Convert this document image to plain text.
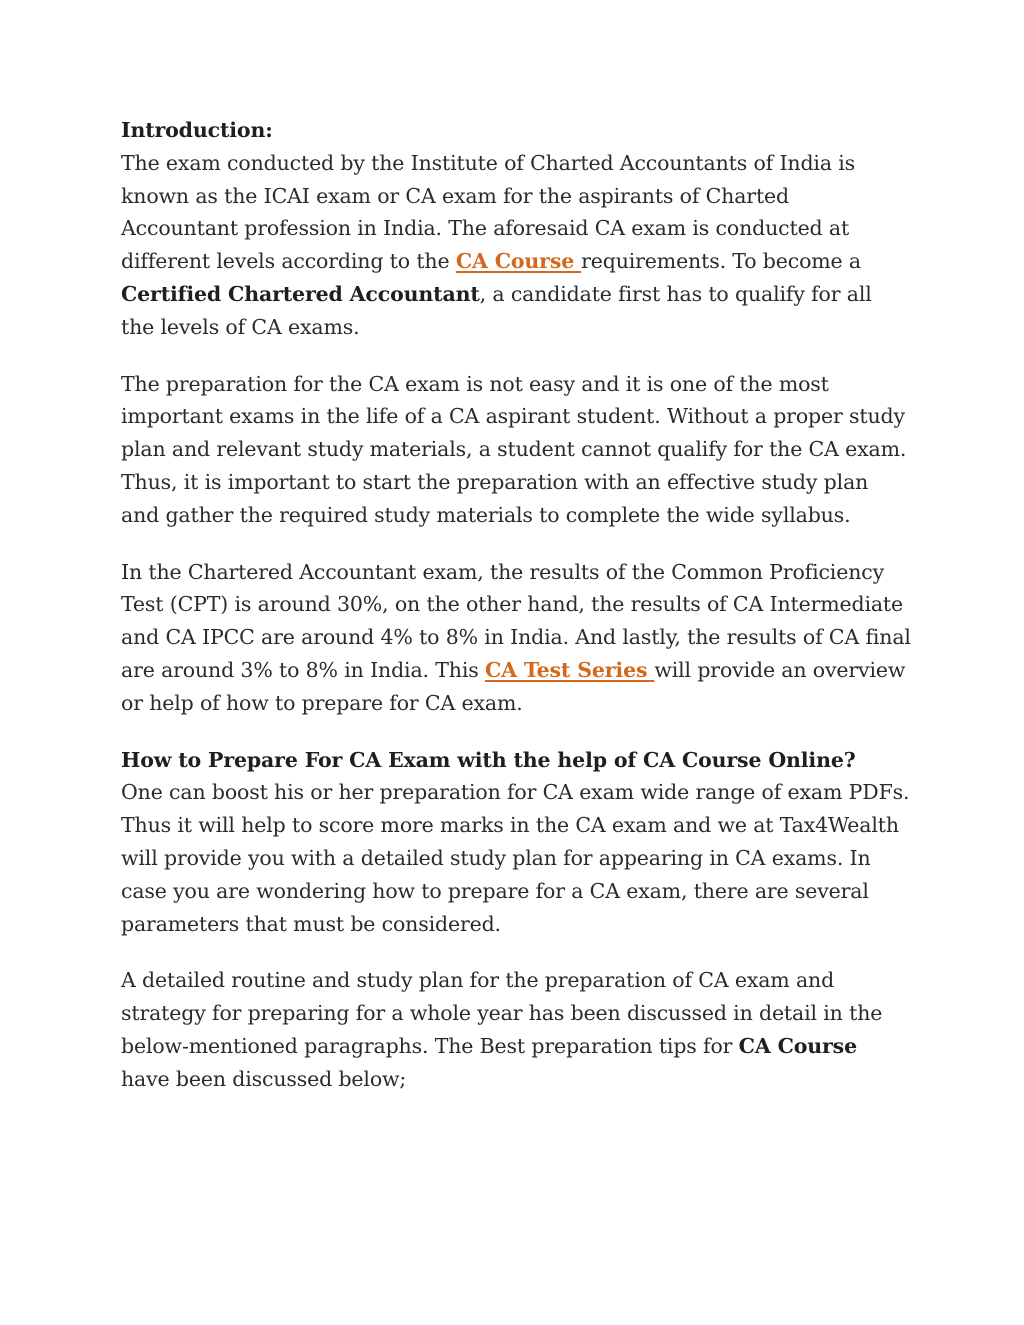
Introduction:

The exam conducted by the Institute of Charted Accountants of India is known as the ICAI exam or CA exam for the aspirants of Charted Accountant profession in India. The aforesaid CA exam is conducted at different levels according to the CA Course requirements. To become a Certified Chartered Accountant, a candidate first has to qualify for all the levels of CA exams.

The preparation for the CA exam is not easy and it is one of the most important exams in the life of a CA aspirant student. Without a proper study plan and relevant study materials, a student cannot qualify for the CA exam. Thus, it is important to start the preparation with an effective study plan and gather the required study materials to complete the wide syllabus.

In the Chartered Accountant exam, the results of the Common Proficiency Test (CPT) is around 30%, on the other hand, the results of CA Intermediate and CA IPCC are around 4% to 8% in India. And lastly, the results of CA final are around 3% to 8% in India. This CA Test Series will provide an overview or help of how to prepare for CA exam.

How to Prepare For CA Exam with the help of CA Course Online?

One can boost his or her preparation for CA exam wide range of exam PDFs. Thus it will help to score more marks in the CA exam and we at Tax4Wealth will provide you with a detailed study plan for appearing in CA exams. In case you are wondering how to prepare for a CA exam, there are several parameters that must be considered.

A detailed routine and study plan for the preparation of CA exam and strategy for preparing for a whole year has been discussed in detail in the below-mentioned paragraphs. The Best preparation tips for CA Course  have been discussed below;
